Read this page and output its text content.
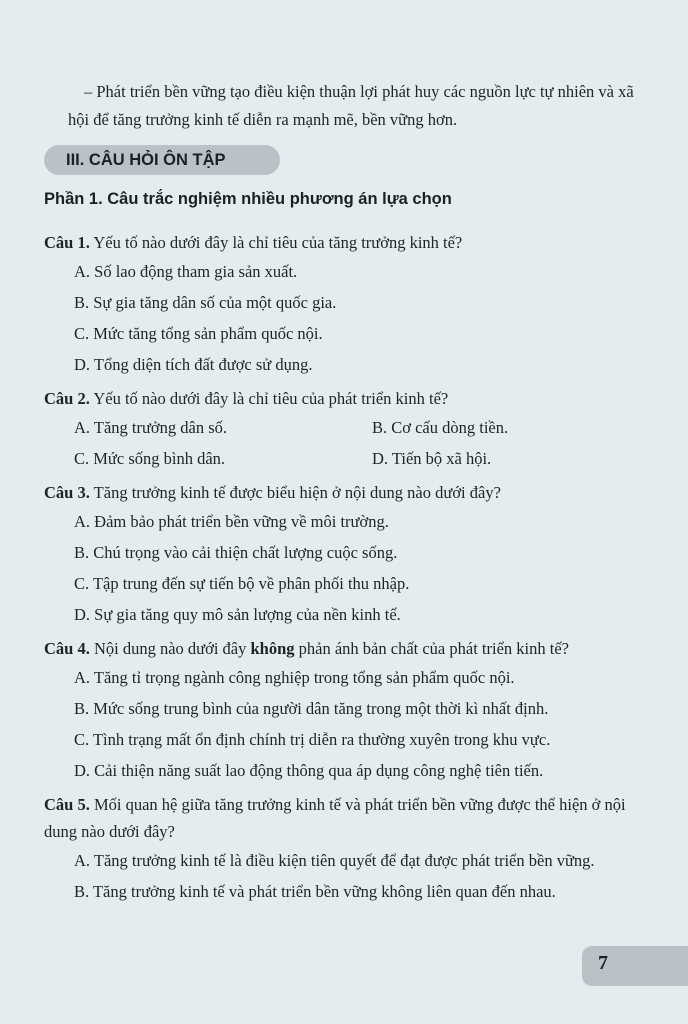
– Phát triển bền vững tạo điều kiện thuận lợi phát huy các nguồn lực tự nhiên và xã hội để tăng trưởng kinh tế diễn ra mạnh mẽ, bền vững hơn.
III. CÂU HỎI ÔN TẬP
Phần 1. Câu trắc nghiệm nhiều phương án lựa chọn
Câu 1. Yếu tố nào dưới đây là chỉ tiêu của tăng trưởng kinh tế?
A. Số lao động tham gia sản xuất.
B. Sự gia tăng dân số của một quốc gia.
C. Mức tăng tổng sản phẩm quốc nội.
D. Tổng diện tích đất được sử dụng.
Câu 2. Yếu tố nào dưới đây là chỉ tiêu của phát triển kinh tế?
A. Tăng trưởng dân số.	B. Cơ cấu dòng tiền.
C. Mức sống bình dân.	D. Tiến bộ xã hội.
Câu 3. Tăng trưởng kinh tế được biểu hiện ở nội dung nào dưới đây?
A. Đảm bảo phát triển bền vững về môi trường.
B. Chú trọng vào cải thiện chất lượng cuộc sống.
C. Tập trung đến sự tiến bộ về phân phối thu nhập.
D. Sự gia tăng quy mô sản lượng của nền kinh tế.
Câu 4. Nội dung nào dưới đây không phản ánh bản chất của phát triển kinh tế?
A. Tăng tỉ trọng ngành công nghiệp trong tổng sản phẩm quốc nội.
B. Mức sống trung bình của người dân tăng trong một thời kì nhất định.
C. Tình trạng mất ổn định chính trị diễn ra thường xuyên trong khu vực.
D. Cải thiện năng suất lao động thông qua áp dụng công nghệ tiên tiến.
Câu 5. Mối quan hệ giữa tăng trưởng kinh tế và phát triển bền vững được thể hiện ở nội dung nào dưới đây?
A. Tăng trưởng kinh tế là điều kiện tiên quyết để đạt được phát triển bền vững.
B. Tăng trưởng kinh tế và phát triển bền vững không liên quan đến nhau.
7
